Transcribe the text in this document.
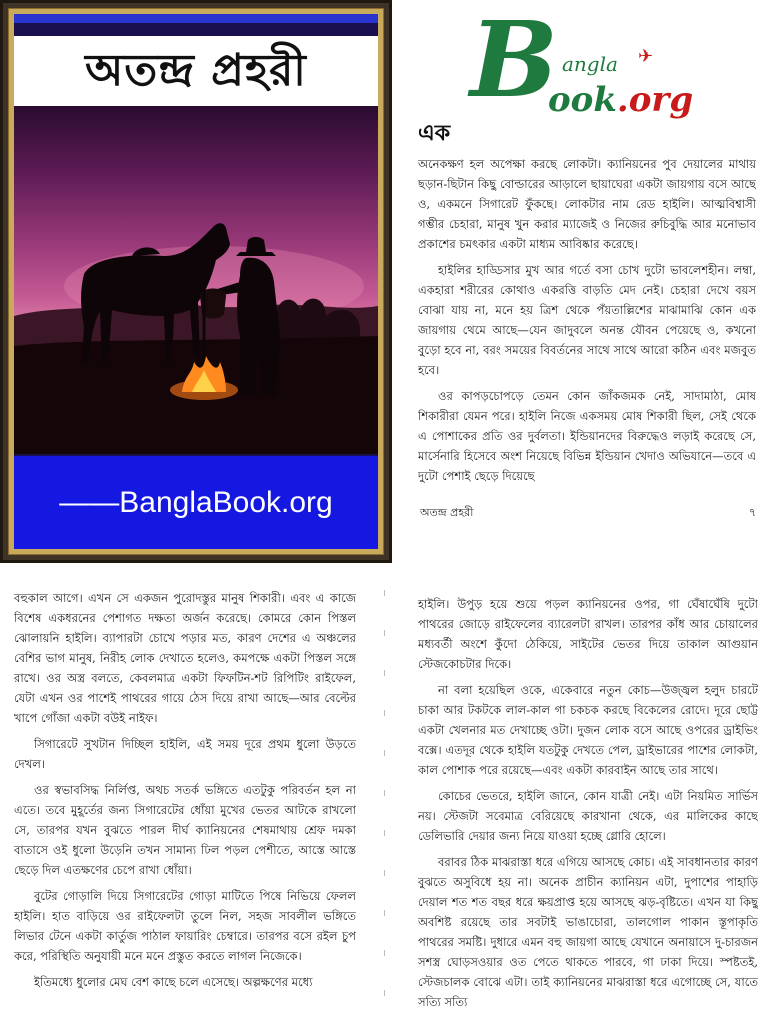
অতন্দ্র প্রহরী
——BanglaBook.org
B angla ✈
ook.org
এক

অনেকক্ষণ হল অপেক্ষা করছে লোকটা। ক্যানিয়নের পুব দেয়ালের মাথায় ছড়ান-ছিটান কিছু বোল্ডারের আড়ালে ছায়াঘেরা একটা জায়গায় বসে আছে ও, একমনে সিগারেট ফুঁকছে। লোকটার নাম রেড হাইলি। আত্মবিশ্বাসী গম্ভীর চেহারা, মানুষ খুন করার ম্যাজেই ও নিজের রুচিবুদ্ধি আর মনোভাব প্রকাশের চমৎকার একটা মাধ্যম আবিষ্কার করেছে।

হাইলির হাড্ডিসার মুখ আর গর্তে বসা চোখ দুটো ভাবলেশহীন। লম্বা, একহারা শরীরের কোথাও একরত্তি বাড়তি মেদ নেই। চেহারা দেখে বয়স বোঝা যায় না, মনে হয় ত্রিশ থেকে পঁয়তাল্লিশের মাঝামাঝি কোন এক জায়গায় থেমে আছে—যেন জাদুবলে অনন্ত যৌবন পেয়েছে ও, কখনো বুড়ো হবে না, বরং সময়ের বিবর্তনের সাথে সাথে আরো কঠিন এবং মজবুত হবে।

ওর কাপড়চোপড়ে তেমন কোন জাঁকজমক নেই, সাদামাঠা, মোষ শিকারীরা যেমন পরে। হাইলি নিজে একসময় মোষ শিকারী ছিল, সেই থেকে এ পোশাকের প্রতি ওর দুর্বলতা। ইন্ডিয়ানদের বিরুদ্ধেও লড়াই করেছে সে, মার্সেনারি হিসেবে অংশ নিয়েছে বিভিন্ন ইন্ডিয়ান খেদাও অভিযানে—তবে এ দুটো পেশাই ছেড়ে দিয়েছে

অতন্দ্র প্রহরী	৭

বহুকাল আগে। এখন সে একজন পুরোদস্তুর মানুষ শিকারী। এবং এ কাজে বিশেষ একধরনের পেশাগত দক্ষতা অর্জন করেছে। কোমরে কোন পিস্তল ঝোলায়নি হাইলি। ব্যাপারটা চোখে পড়ার মত, কারণ দেশের এ অঞ্চলের বেশির ভাগ মানুষ, নিরীহ লোক দেখাতে হলেও, কমপক্ষে একটা পিস্তল সঙ্গে রাখে। ওর অস্ত্র বলতে, কেবলমাত্র একটা ফিফটিন-শট রিপিটিং রাইফেল, যেটা এখন ওর পাশেই পাথরের গায়ে ঠেস দিয়ে রাখা আছে—আর বেল্টের খাপে গোঁজা একটা বউই নাইফ।

সিগারেটে সুখটান দিচ্ছিল হাইলি, এই সময় দূরে প্রথম ধুলো উড়তে দেখল।

ওর স্বভাবসিদ্ধ নির্লিপ্ত, অথচ সতর্ক ভঙ্গিতে এতটুকু পরিবর্তন হল না এতে। তবে মুহূর্তের জন্য সিগারেটের ধোঁয়া মুখের ভেতর আটকে রাখলো সে, তারপর যখন বুঝতে পারল দীর্ঘ ক্যানিয়নের শেষমাথায় শ্রেফ দমকা বাতাসে ওই ধুলো উড়েনি তখন সামান্য ঢিল পড়ল পেশীতে, আস্তে আস্তে ছেড়ে দিল এতক্ষণের চেপে রাখা ধোঁয়া।

বুটের গোড়ালি দিয়ে সিগারেটের গোড়া মাটিতে পিষে নিভিয়ে ফেলল হাইলি। হাত বাড়িয়ে ওর রাইফেলটা তুলে নিল, সহজ সাবলীল ভঙ্গিতে লিভার টেনে একটা কার্তুজ পাঠাল ফায়ারিং চেম্বারে। তারপর বসে রইল চুপ করে, পরিস্থিতি অনুযায়ী মনে মনে প্রস্তুত করতে লাগল নিজেকে।

ইতিমধ্যে ধুলোর মেঘ বেশ কাছে চলে এসেছে। অল্পক্ষণের মধ্যে

হাইলি। উপুড় হয়ে শুয়ে পড়ল ক্যানিয়নের ওপর, গা ঘেঁষাঘেঁষি দুটো পাথরের জোড়ে রাইফেলের ব্যারেলটা রাখল। তারপর কাঁধ আর চোয়ালের মধ্যবর্তী অংশে কুঁদো ঠেকিয়ে, সাইটের ভেতর দিয়ে তাকাল আগুয়ান স্টেজকোচটার দিকে।

না বলা হয়েছিল ওকে, একেবারে নতুন কোচ—উজ্জ্বল হলুদ চারটে চাকা আর টকটকে লাল-কাল গা চকচক করছে বিকেলের রোদে। দূরে ছোট্ট একটা খেলনার মত দেখাচ্ছে ওটা। দুজন লোক বসে আছে ওপরের ড্রাইভিং বক্সে। এতদূর থেকে হাইলি যতটুকু দেখতে পেল, ড্রাইভারের পাশের লোকটা, কাল পোশাক পরে রয়েছে—এবং একটা কারবাইন আছে তার সাথে।

কোচের ভেতরে, হাইলি জানে, কোন যাত্রী নেই। এটা নিয়মিত সার্ভিস নয়। স্টেজটা সবেমাত্র বেরিয়েছে কারখানা থেকে, এর মালিকের কাছে ডেলিভারি দেয়ার জন্য নিয়ে যাওয়া হচ্ছে গ্লোরি হোলে।

বরাবর ঠিক মাঝরাস্তা ধরে এগিয়ে আসছে কোচ। এই সাবধানতার কারণ বুঝতে অসুবিধে হয় না। অনেক প্রাচীন ক্যানিয়ন এটা, দুপাশের পাহাড়ি দেয়াল শত শত বছর ধরে ক্ষয়প্রাপ্ত হয়ে আসছে ঝড়-বৃষ্টিতে। এখন যা কিছু অবশিষ্ট রয়েছে তার সবটাই ভাঙাচোরা, তালগোল পাকান স্তূপাকৃতি পাথরের সমষ্টি। দুধারে এমন বহু জায়গা আছে যেখানে অনায়াসে দু-চারজন সশস্ত্র ঘোড়সওয়ার ওত পেতে থাকতে পারবে, গা ঢাকা দিয়ে। স্পষ্টতই, স্টেজচালক বোঝে এটা। তাই ক্যানিয়নের মাঝরাস্তা ধরে এগোচ্ছে সে, যাতে সত্যি সত্যি
